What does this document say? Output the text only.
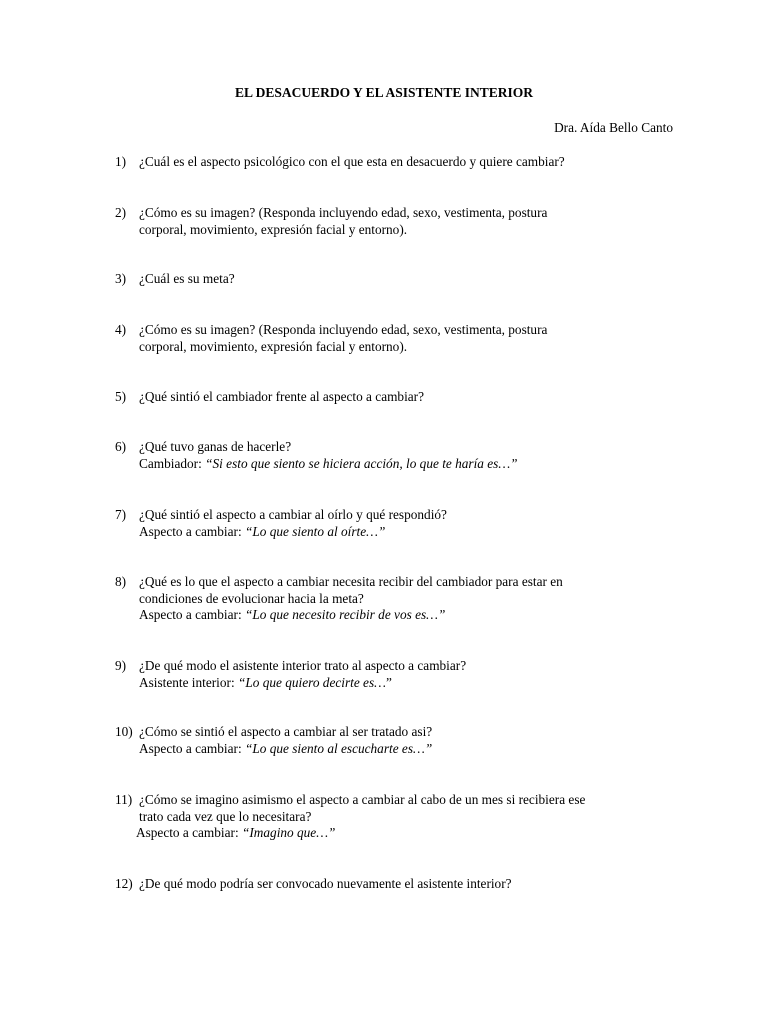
EL DESACUERDO Y EL ASISTENTE INTERIOR
Dra. Aída Bello Canto
1) ¿Cuál es el aspecto psicológico con el que esta en desacuerdo y quiere cambiar?
2) ¿Cómo es su imagen? (Responda incluyendo edad, sexo, vestimenta, postura
corporal, movimiento, expresión facial y entorno).
3) ¿Cuál es su meta?
4) ¿Cómo es su imagen? (Responda incluyendo edad, sexo, vestimenta, postura
corporal, movimiento, expresión facial y entorno).
5) ¿Qué sintió el cambiador frente al aspecto a cambiar?
6) ¿Qué tuvo ganas de hacerle?
Cambiador: “Si esto que siento se hiciera acción, lo que te haría es…”
7) ¿Qué sintió el aspecto a cambiar al oírlo y qué respondió?
Aspecto a cambiar: “Lo que siento al oírte…”
8) ¿Qué es lo que el aspecto a cambiar necesita recibir del cambiador para estar en
condiciones de evolucionar hacia la meta?
Aspecto a cambiar: “Lo que necesito recibir de vos es…”
9) ¿De qué modo el asistente interior trato al aspecto a cambiar?
Asistente interior: “Lo que quiero decirte es…”
10) ¿Cómo se sintió el aspecto a cambiar al ser tratado asi?
Aspecto a cambiar: “Lo que siento al escucharte es…”
11) ¿Cómo se imagino asimismo el aspecto a cambiar al cabo de un mes si recibiera ese
trato cada vez que lo necesitara?
Aspecto a cambiar: “Imagino que…”
12) ¿De qué modo podría ser convocado nuevamente el asistente interior?
